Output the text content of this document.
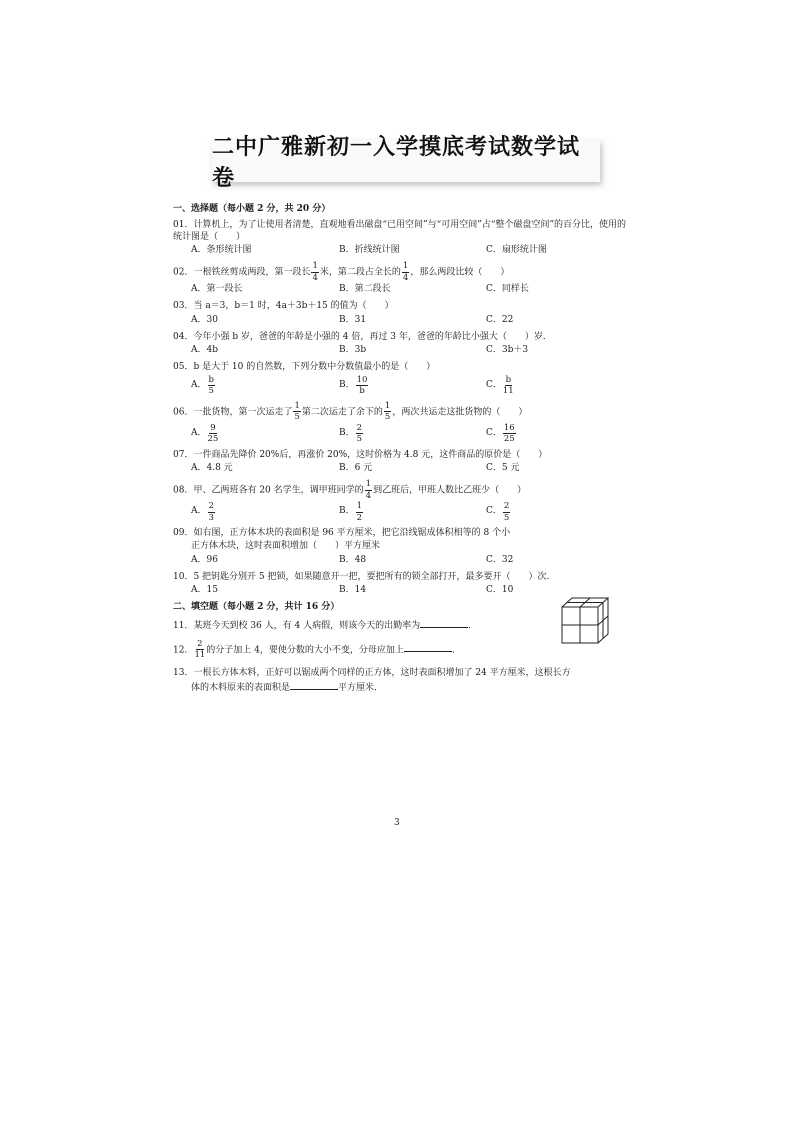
二中广雅新初一入学摸底考试数学试卷
一、选择题（每小题 2 分，共 20 分）
01．计算机上，为了让使用者清楚，直观地看出磁盘“已用空间”与“可用空间”占“整个磁盘空间”的百分比，使用的统计图是（　　）
A．条形统计图	B．折线统计图	C．扇形统计图
02．一根铁丝剪成两段，第一段长 $\frac{1}{4}$ 米，第二段占全长的 $\frac{1}{4}$ ，那么两段比较（　　）
A．第一段长	B．第二段长	C．同样长
03．当 a＝3，b＝1 时，4a＋3b＋15 的值为（　　）
A．30	B．31	C．22
04．今年小强 b 岁，爸爸的年龄是小强的 4 倍，再过 3 年，爸爸的年龄比小强大（　　）岁．
A．4b	B．3b	C．3b＋3
05．b 是大于 10 的自然数，下列分数中分数值最小的是（　　）
A． $\frac{b}{5}$	B． $\frac{10}{b}$	C． $\frac{b}{11}$
06．一批货物，第一次运走了 $\frac{1}{5}$ 第二次运走了余下的 $\frac{1}{5}$ ，两次共运走这批货物的（　　）
A． $\frac{9}{25}$	B． $\frac{2}{5}$	C． $\frac{16}{25}$
07．一件商品先降价 20%后，再涨价 20%，这时价格为 4.8 元，这件商品的原价是（　　）
A．4.8 元	B．6 元	C．5 元
08．甲、乙两班各有 20 名学生，调甲班同学的 $\frac{1}{4}$ 到乙班后，甲班人数比乙班少（　　）
A． $\frac{2}{3}$	B． $\frac{1}{2}$	C． $\frac{2}{5}$
09．如右图，正方体木块的表面积是 96 平方厘米，把它沿线锯成体积相等的 8 个小
正方体木块，这时表面积增加（　　）平方厘米
A．96	B．48	C．32
10．5 把钥匙分别开 5 把锁，如果随意开一把，要把所有的锁全部打开，最多要开（　　）次．
A．15	B．14	C．10
二、填空题（每小题 2 分，共计 16 分）
11．某班今天到校 36 人，有 4 人病假，则该今天的出勤率为	．
12． $\frac{2}{11}$ 的分子加上 4，要使分数的大小不变，分母应加上	．
13．一根长方体木料，正好可以锯成两个同样的正方体，这时表面积增加了 24 平方厘米，这根长方
体的木料原来的表面积是	平方厘米．
3
